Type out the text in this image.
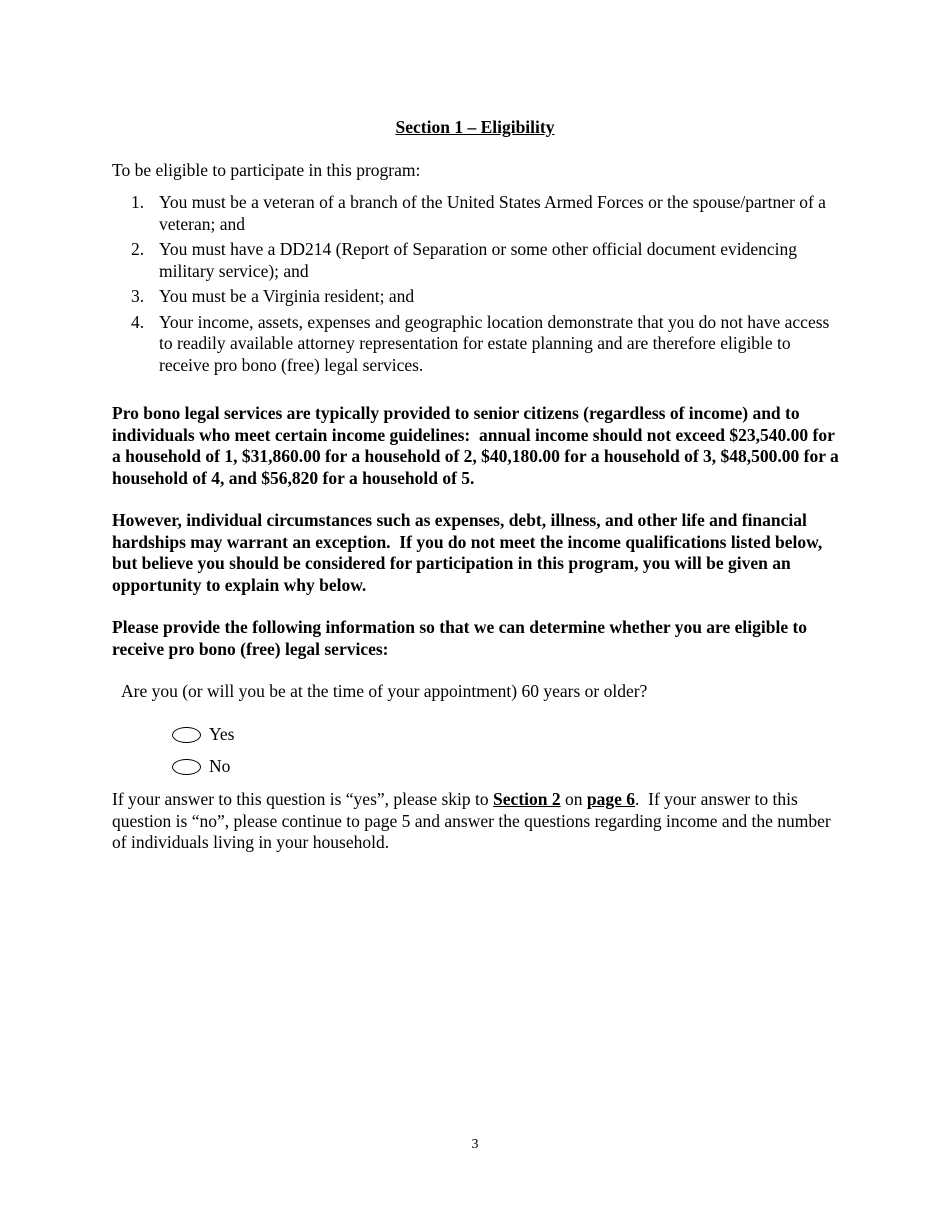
Section 1 – Eligibility
To be eligible to participate in this program:
1. You must be a veteran of a branch of the United States Armed Forces or the spouse/partner of a veteran; and
2. You must have a DD214 (Report of Separation or some other official document evidencing military service); and
3. You must be a Virginia resident; and
4. Your income, assets, expenses and geographic location demonstrate that you do not have access to readily available attorney representation for estate planning and are therefore eligible to receive pro bono (free) legal services.
Pro bono legal services are typically provided to senior citizens (regardless of income) and to individuals who meet certain income guidelines:  annual income should not exceed $23,540.00 for a household of 1, $31,860.00 for a household of 2, $40,180.00 for a household of 3, $48,500.00 for a household of 4, and $56,820 for a household of 5.
However, individual circumstances such as expenses, debt, illness, and other life and financial hardships may warrant an exception.  If you do not meet the income qualifications listed below, but believe you should be considered for participation in this program, you will be given an opportunity to explain why below.
Please provide the following information so that we can determine whether you are eligible to receive pro bono (free) legal services:
Are you (or will you be at the time of your appointment) 60 years or older?
Yes
No
If your answer to this question is “yes”, please skip to Section 2 on page 6.  If your answer to this question is “no”, please continue to page 5 and answer the questions regarding income and the number of individuals living in your household.
3
